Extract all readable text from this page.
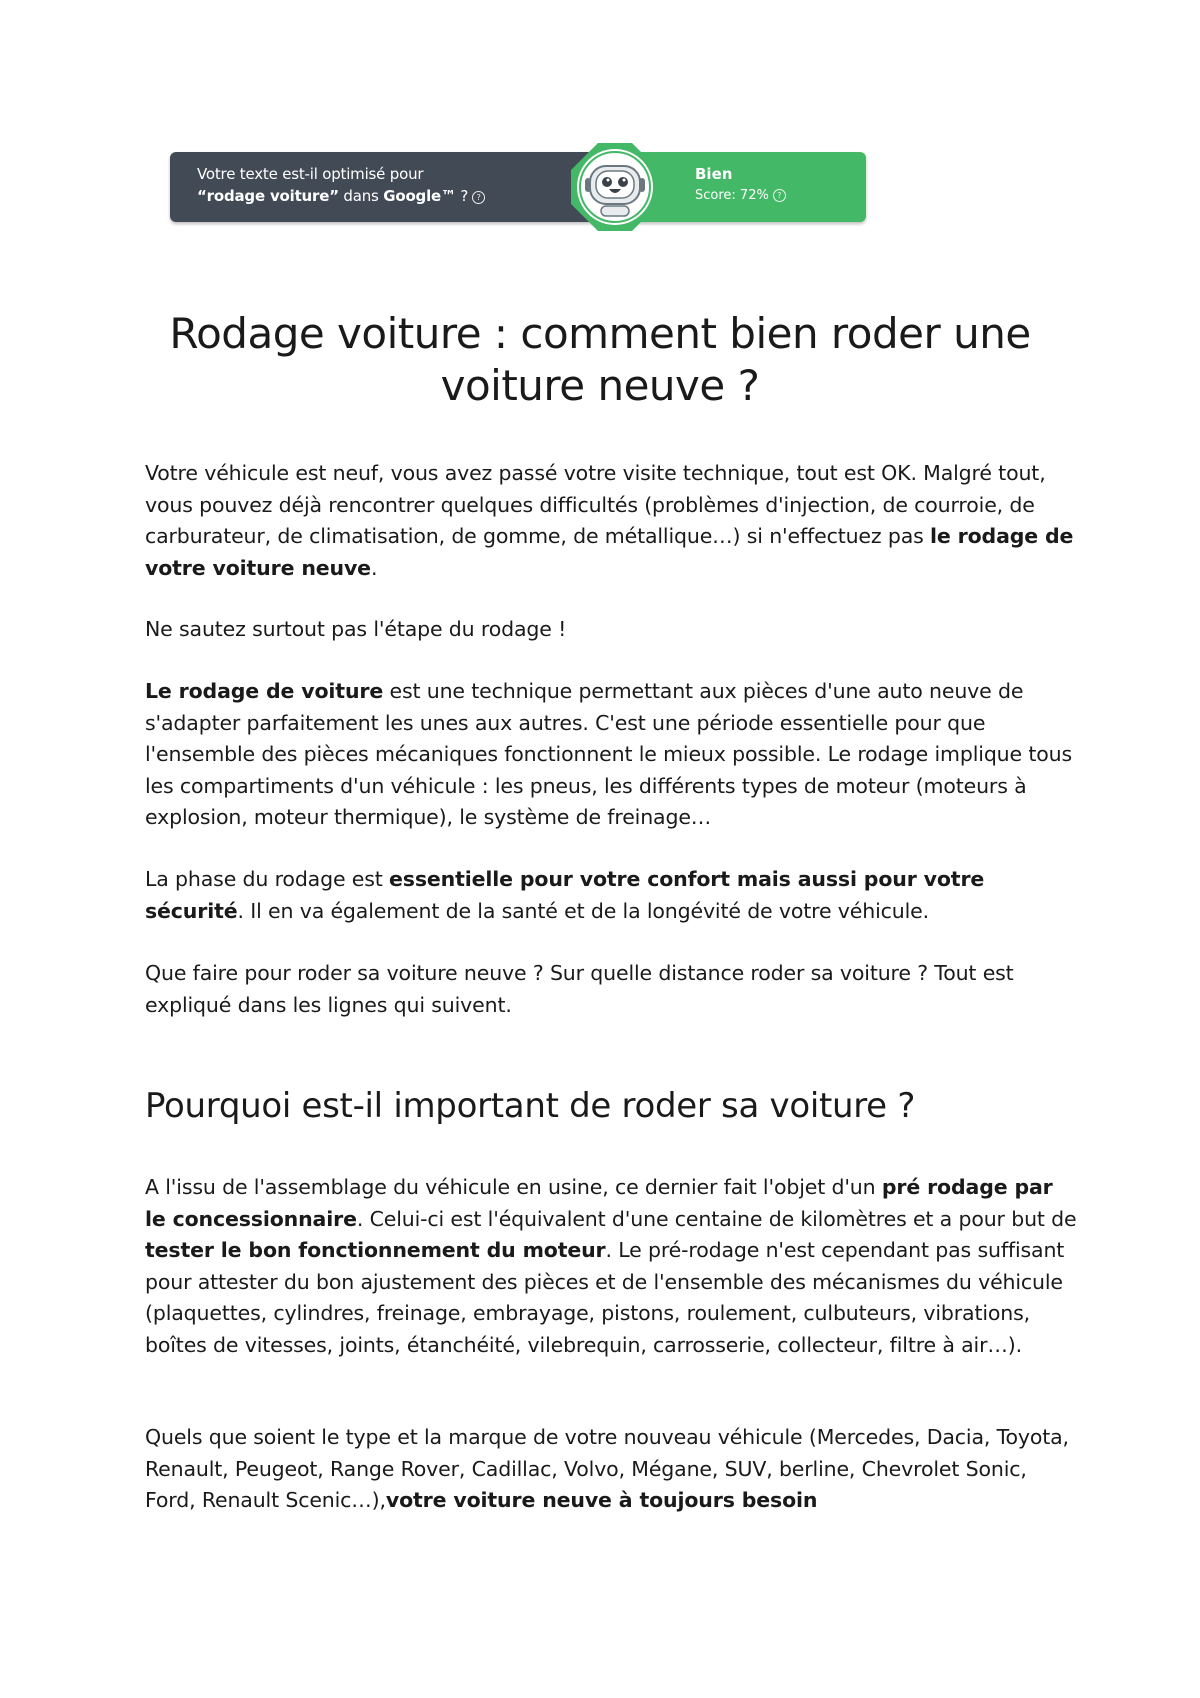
Votre texte est-il optimisé pour
“rodage voiture” dans Google™ ? ?
Bien
Score: 72% ?
Rodage voiture : comment bien roder une voiture neuve ?

Votre véhicule est neuf, vous avez passé votre visite technique, tout est OK. Malgré tout, vous pouvez déjà rencontrer quelques difficultés (problèmes d'injection, de courroie, de carburateur, de climatisation, de gomme, de métallique…) si n'effectuez pas le rodage de votre voiture neuve.

Ne sautez surtout pas l'étape du rodage !

Le rodage de voiture est une technique permettant aux pièces d'une auto neuve de s'adapter parfaitement les unes aux autres. C'est une période essentielle pour que l'ensemble des pièces mécaniques fonctionnent le mieux possible. Le rodage implique tous les compartiments d'un véhicule : les pneus, les différents types de moteur (moteurs à explosion, moteur thermique), le système de freinage…

La phase du rodage est essentielle pour votre confort mais aussi pour votre sécurité. Il en va également de la santé et de la longévité de votre véhicule.

Que faire pour roder sa voiture neuve ? Sur quelle distance roder sa voiture ? Tout est expliqué dans les lignes qui suivent.

Pourquoi est-il important de roder sa voiture ?

A l'issu de l'assemblage du véhicule en usine, ce dernier fait l'objet d'un pré rodage par le concessionnaire. Celui-ci est l'équivalent d'une centaine de kilomètres et a pour but de tester le bon fonctionnement du moteur. Le pré-rodage n'est cependant pas suffisant pour attester du bon ajustement des pièces et de l'ensemble des mécanismes du véhicule (plaquettes, cylindres, freinage, embrayage, pistons, roulement, culbuteurs, vibrations, boîtes de vitesses, joints, étanchéité, vilebrequin, carrosserie, collecteur, filtre à air…).

Quels que soient le type et la marque de votre nouveau véhicule (Mercedes, Dacia, Toyota, Renault, Peugeot, Range Rover, Cadillac, Volvo, Mégane, SUV, berline, Chevrolet Sonic, Ford, Renault Scenic…),votre voiture neuve à toujours besoin
